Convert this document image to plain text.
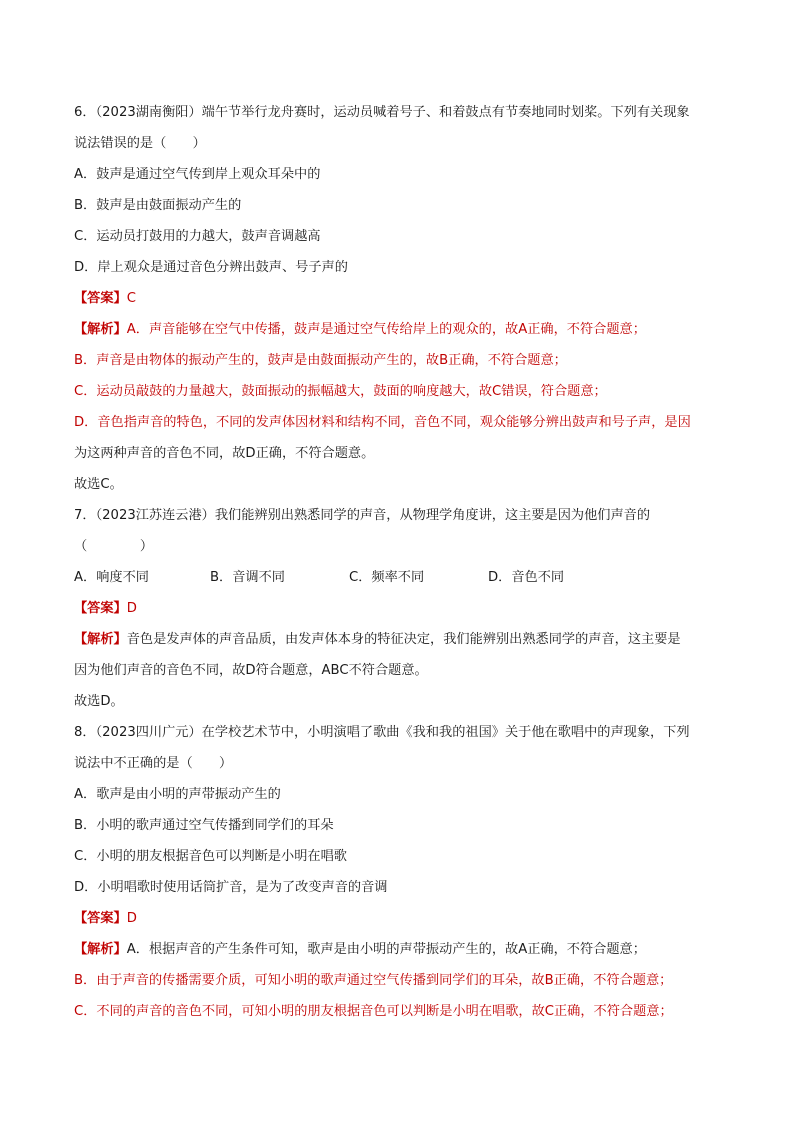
6．（2023湖南衡阳）端午节举行龙舟赛时，运动员喊着号子、和着鼓点有节奏地同时划桨。下列有关现象
说法错误的是（　　）
A．鼓声是通过空气传到岸上观众耳朵中的
B．鼓声是由鼓面振动产生的
C．运动员打鼓用的力越大，鼓声音调越高
D．岸上观众是通过音色分辨出鼓声、号子声的
【答案】C
【解析】A．声音能够在空气中传播，鼓声是通过空气传给岸上的观众的，故A正确，不符合题意；
B．声音是由物体的振动产生的，鼓声是由鼓面振动产生的，故B正确，不符合题意；
C．运动员敲鼓的力量越大，鼓面振动的振幅越大，鼓面的响度越大，故C错误，符合题意；
D．音色指声音的特色，不同的发声体因材料和结构不同，音色不同，观众能够分辨出鼓声和号子声，是因
为这两种声音的音色不同，故D正确，不符合题意。
故选C。
7．（2023江苏连云港）我们能辨别出熟悉同学的声音，从物理学角度讲，这主要是因为他们声音的
（　　　　）
A．响度不同	B．音调不同	C．频率不同	D．音色不同
【答案】D
【解析】音色是发声体的声音品质，由发声体本身的特征决定，我们能辨别出熟悉同学的声音，这主要是
因为他们声音的音色不同，故D符合题意，ABC不符合题意。
故选D。
8．（2023四川广元）在学校艺术节中，小明演唱了歌曲《我和我的祖国》关于他在歌唱中的声现象，下列
说法中不正确的是（　　）
A．歌声是由小明的声带振动产生的
B．小明的歌声通过空气传播到同学们的耳朵
C．小明的朋友根据音色可以判断是小明在唱歌
D．小明唱歌时使用话筒扩音，是为了改变声音的音调
【答案】D
【解析】A．根据声音的产生条件可知，歌声是由小明的声带振动产生的，故A正确，不符合题意；
B．由于声音的传播需要介质，可知小明的歌声通过空气传播到同学们的耳朵，故B正确，不符合题意；
C．不同的声音的音色不同，可知小明的朋友根据音色可以判断是小明在唱歌，故C正确，不符合题意；
